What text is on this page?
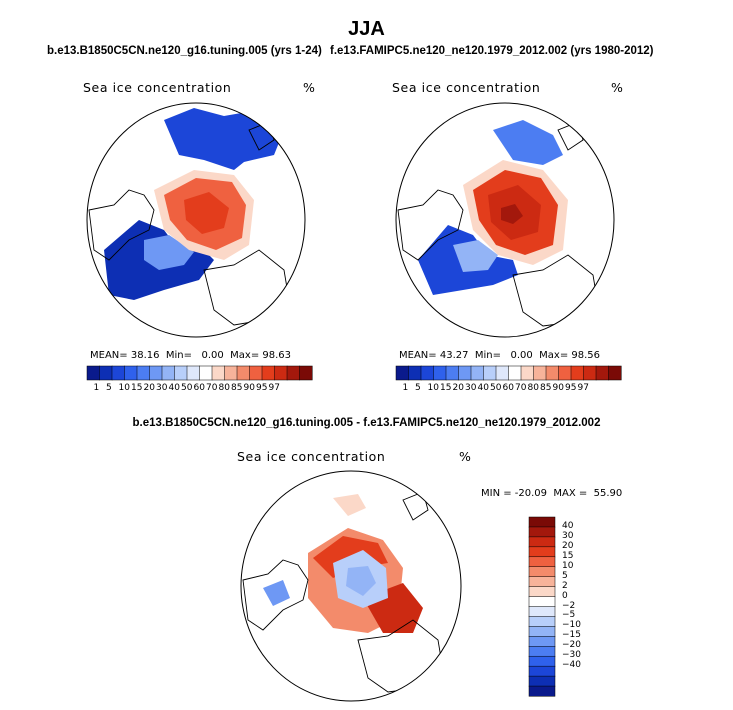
JJA
b.e13.B1850C5CN.ne120_g16.tuning.005 (yrs 1-24) f.e13.FAMIPC5.ne120_ne120.1979_2012.002 (yrs 1980-2012)
Sea ice concentration	%
MEAN= 38.16 Min= 0.00 Max= 98.63
1 5 10 15 20 30 40 50 60 70 80 85 90 95 97
Sea ice concentration	%
MEAN= 43.27 Min= 0.00 Max= 98.56
1 5 10 15 20 30 40 50 60 70 80 85 90 95 97
b.e13.B1850C5CN.ne120_g16.tuning.005 - f.e13.FAMIPC5.ne120_ne120.1979_2012.002
Sea ice concentration	%
MIN = -20.09  MAX =  55.90
40
30
20
15
10
5
2
0
−2
−5
−10
−15
−20
−30
−40
